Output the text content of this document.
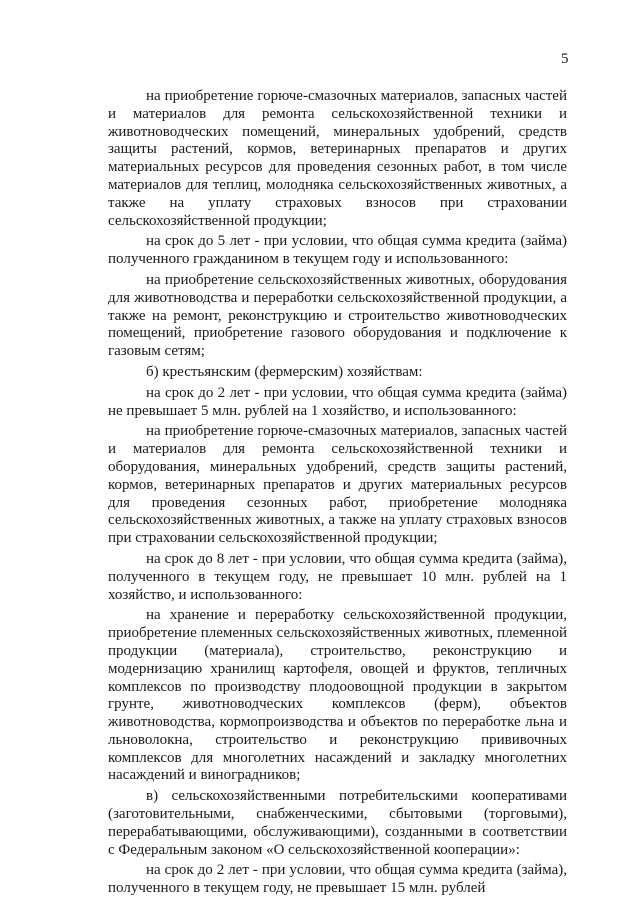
5

на приобретение горюче-смазочных материалов, запасных частей и материалов для ремонта сельскохозяйственной техники и животноводческих помещений, минеральных удобрений, средств защиты растений, кормов, ветеринарных препаратов и других материальных ресурсов для проведения сезонных работ, в том числе материалов для теплиц, молодняка сельскохозяйственных животных, а также на уплату страховых взносов при страховании сельскохозяйственной продукции;

на срок до 5 лет - при условии, что общая сумма кредита (займа) полученного гражданином в текущем году и использованного:

на приобретение сельскохозяйственных животных, оборудования для животноводства и переработки сельскохозяйственной продукции, а также на ремонт, реконструкцию и строительство животноводческих помещений, приобретение газового оборудования и подключение к газовым сетям;

б) крестьянским (фермерским) хозяйствам:

на срок до 2 лет - при условии, что общая сумма кредита (займа) не превышает 5 млн. рублей на 1 хозяйство, и использованного:

на приобретение горюче-смазочных материалов, запасных частей и материалов для ремонта сельскохозяйственной техники и оборудования, минеральных удобрений, средств защиты растений, кормов, ветеринарных препаратов и других материальных ресурсов для проведения сезонных работ, приобретение молодняка сельскохозяйственных животных, а также на уплату страховых взносов при страховании сельскохозяйственной продукции;

на срок до 8 лет - при условии, что общая сумма кредита (займа), полученного в текущем году, не превышает 10 млн. рублей на 1 хозяйство, и использованного:

на хранение и переработку сельскохозяйственной продукции, приобретение племенных сельскохозяйственных животных, племенной продукции (материала), строительство, реконструкцию и модернизацию хранилищ картофеля, овощей и фруктов, тепличных комплексов по производству плодоовощной продукции в закрытом грунте, животноводческих комплексов (ферм), объектов животноводства, кормопроизводства и объектов по переработке льна и льноволокна, строительство и реконструкцию прививочных комплексов для многолетних насаждений и закладку многолетних насаждений и виноградников;

в) сельскохозяйственными потребительскими кооперативами (заготовительными, снабженческими, сбытовыми (торговыми), перерабатывающими, обслуживающими), созданными в соответствии с Федеральным законом «О сельскохозяйственной кооперации»:

на срок до 2 лет - при условии, что общая сумма кредита (займа), полученного в текущем году, не превышает 15 млн. рублей
